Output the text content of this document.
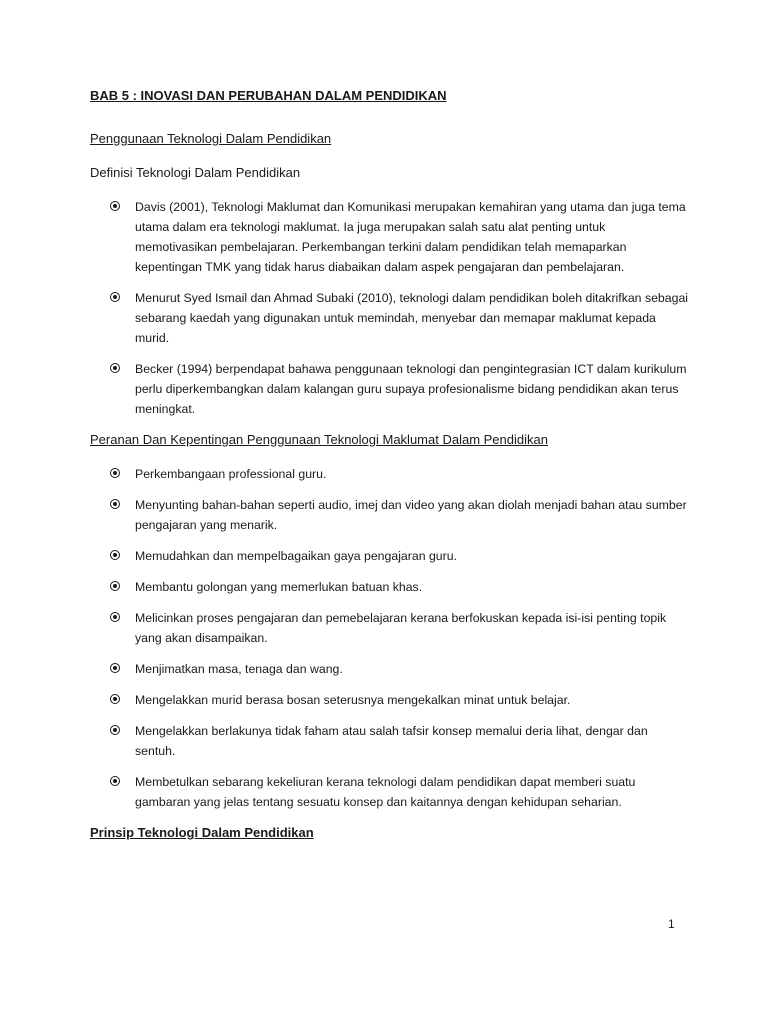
BAB 5 : INOVASI DAN PERUBAHAN DALAM PENDIDIKAN
Penggunaan Teknologi Dalam Pendidikan
Definisi Teknologi Dalam Pendidikan
Davis (2001), Teknologi Maklumat dan Komunikasi merupakan kemahiran yang utama dan juga tema utama dalam era teknologi maklumat. Ia juga merupakan salah satu alat penting untuk memotivasikan pembelajaran. Perkembangan terkini dalam pendidikan telah memaparkan kepentingan TMK yang tidak harus diabaikan dalam aspek pengajaran dan pembelajaran.
Menurut Syed Ismail dan Ahmad Subaki (2010), teknologi dalam pendidikan boleh ditakrifkan sebagai sebarang kaedah yang digunakan untuk memindah, menyebar dan memapar maklumat kepada murid.
Becker (1994) berpendapat bahawa penggunaan teknologi dan pengintegrasian ICT dalam kurikulum perlu diperkembangkan dalam kalangan guru supaya profesionalisme bidang pendidikan akan terus meningkat.
Peranan Dan Kepentingan Penggunaan Teknologi Maklumat Dalam Pendidikan
Perkembangaan professional guru.
Menyunting bahan-bahan seperti audio, imej dan video yang akan diolah menjadi bahan atau sumber pengajaran yang menarik.
Memudahkan dan mempelbagaikan gaya pengajaran guru.
Membantu golongan yang memerlukan batuan khas.
Melicinkan proses pengajaran dan pemebelajaran kerana berfokuskan kepada isi-isi penting topik yang akan disampaikan.
Menjimatkan masa, tenaga dan wang.
Mengelakkan murid berasa bosan seterusnya mengekalkan minat untuk belajar.
Mengelakkan berlakunya tidak faham atau salah tafsir konsep memalui deria lihat, dengar dan sentuh.
Membetulkan sebarang kekeliuran kerana teknologi dalam pendidikan dapat memberi suatu gambaran yang jelas tentang sesuatu konsep dan kaitannya dengan kehidupan seharian.
Prinsip Teknologi Dalam Pendidikan
1
